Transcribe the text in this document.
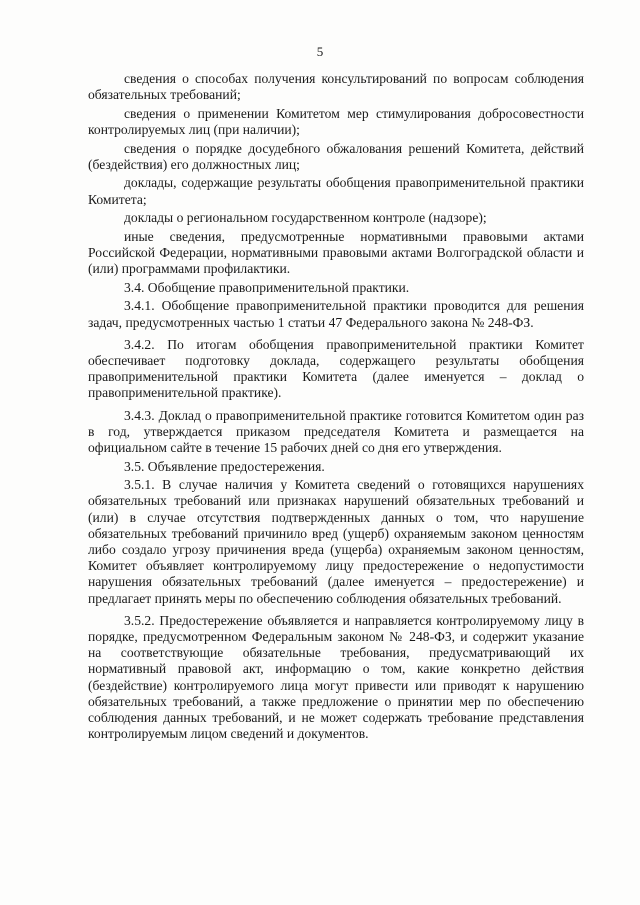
5

сведения о способах получения консультирований по вопросам соблюдения обязательных требований;

сведения о применении Комитетом мер стимулирования добросовестности контролируемых лиц (при наличии);

сведения о порядке досудебного обжалования решений Комитета, действий (бездействия) его должностных лиц;

доклады, содержащие результаты обобщения правоприменительной практики Комитета;

доклады о региональном государственном контроле (надзоре);

иные сведения, предусмотренные нормативными правовыми актами Российской Федерации, нормативными правовыми актами Волгоградской области и (или) программами профилактики.

3.4. Обобщение правоприменительной практики.

3.4.1. Обобщение правоприменительной практики проводится для решения задач, предусмотренных частью 1 статьи 47 Федерального закона № 248-ФЗ.

3.4.2. По итогам обобщения правоприменительной практики Комитет обеспечивает подготовку доклада, содержащего результаты обобщения правоприменительной практики Комитета (далее именуется – доклад о правоприменительной практике).

3.4.3. Доклад о правоприменительной практике готовится Комитетом один раз в год, утверждается приказом председателя Комитета и размещается на официальном сайте в течение 15 рабочих дней со дня его утверждения.

3.5. Объявление предостережения.

3.5.1. В случае наличия у Комитета сведений о готовящихся нарушениях обязательных требований или признаках нарушений обязательных требований и (или) в случае отсутствия подтвержденных данных о том, что нарушение обязательных требований причинило вред (ущерб) охраняемым законом ценностям либо создало угрозу причинения вреда (ущерба) охраняемым законом ценностям, Комитет объявляет контролируемому лицу предостережение о недопустимости нарушения обязательных требований (далее именуется – предостережение) и предлагает принять меры по обеспечению соблюдения обязательных требований.

3.5.2. Предостережение объявляется и направляется контролируемому лицу в порядке, предусмотренном Федеральным законом № 248-ФЗ, и содержит указание на соответствующие обязательные требования, предусматривающий их нормативный правовой акт, информацию о том, какие конкретно действия (бездействие) контролируемого лица могут привести или приводят к нарушению обязательных требований, а также предложение о принятии мер по обеспечению соблюдения данных требований, и не может содержать требование представления контролируемым лицом сведений и документов.
